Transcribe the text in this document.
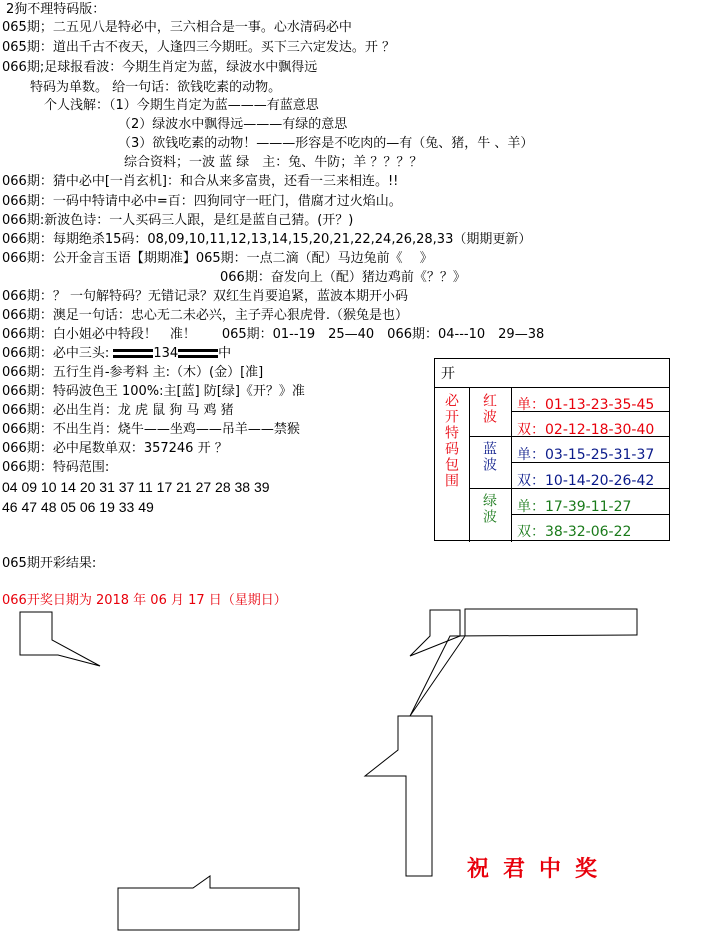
2狗不理特码版：
065期；二五见八是特必中，三六相合是一事。心水清码必中
065期：道出千古不夜天，人逢四三今期旺。买下三六定发达。开 ？
066期;足球报看波：今期生肖定为蓝，绿波水中飘得远
特码为单数。 给一句话：欲钱吃素的动物。
个人浅解：（1）今期生肖定为蓝———有蓝意思
（2）绿波水中飘得远———有绿的意思
（3）欲钱吃素的动物！———形容是不吃肉的—有（兔、猪，牛 、羊）
综合资料；一波 蓝 绿　主：兔、牛防；羊 ？？？？
066期：猜中必中[一肖玄机]：和合从来多富贵，还看一三来相连。!!
066期：一码中特请中必中=百：四狗同守一旺门，借腐才过火焰山。
066期:新波色诗：一人买码三人跟，是红是蓝自己猜。(开？)
066期：每期绝杀15码：08,09,10,11,12,13,14,15,20,21,22,24,26,28,33（期期更新）
066期：公开金言玉语【期期准】065期：一点二滴（配）马边兔前《　 》
066期：奋发向上（配）猪边鸡前《？？》
066期：？ 一句解特码？无错记录？双红生肖要追紧，蓝波本期开小码
066期：澳足一句话：忠心无二未必兴，主子弄心狠虎骨.（猴兔是也）
066期：白小姐必中特段！　准！　　065期：01--19　25—40　066期：04---10　29—38
066期：必中三头:	134	中
066期：五行生肖-参考料 主:（木）(金）[准]
066期：特码波色王 100%:主[蓝] 防[绿]《开？》准
066期：必出生肖：龙 虎 鼠 狗 马 鸡 猪
066期：不出生肖：烧牛——坐鸡——吊羊——禁猴
066期：必中尾数单双：357246 开 ？
066期：特码范围:
04 09 10 14 20 31 37 11 17 21 27 28 38 39
46 47 48 05 06 19 33 49
065期开彩结果:
066开奖日期为 2018 年 06 月 17 日（星期日）
开
必开特码包围 红波
蓝波
绿波
单：01-13-23-35-45
双：02-12-18-30-40
单：03-15-25-31-37
双：10-14-20-26-42
单：17-39-11-27
双：38-32-06-22
祝君中奖
